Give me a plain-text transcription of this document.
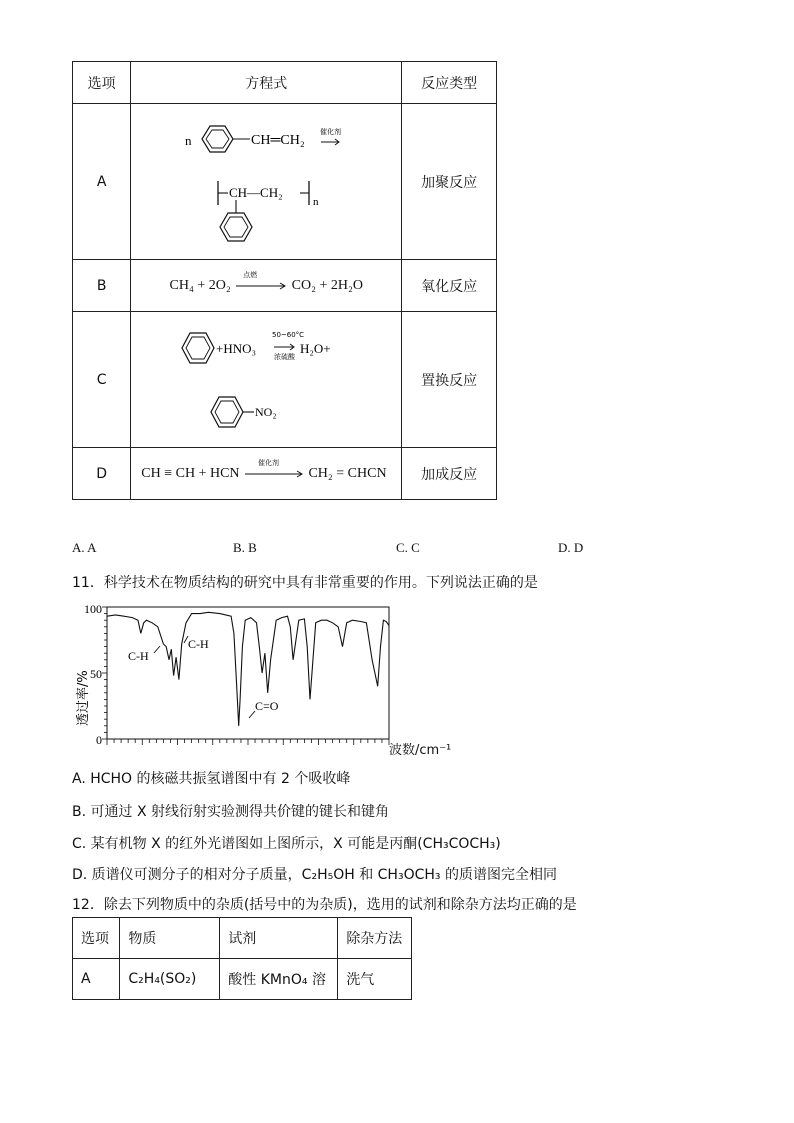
选项	方程式	反应类型
A	n CH═CH₂
催化剂
CH—CH₂
n	加聚反应
B	CH₄ + 2O₂
点燃
CO₂ + 2H₂O	氧化反应
C	+HNO₃
50~60°C
浓硫酸
H₂O+
NO₂	置换反应
D	CH ≡ CH + HCN
催化剂
CH₂ = CHCN	加成反应
A. A	B. B	C. C	D. D
11．科学技术在物质结构的研究中具有非常重要的作用。下列说法正确的是
透过率/%
100
50
0
C-H
C-H
C=O
波数/cm⁻¹
A. HCHO 的核磁共振氢谱图中有 2 个吸收峰
B. 可通过 X 射线衍射实验测得共价键的键长和键角
C. 某有机物 X 的红外光谱图如上图所示，X 可能是丙酮(CH₃COCH₃)
D. 质谱仪可测分子的相对分子质量，C₂H₅OH 和 CH₃OCH₃ 的质谱图完全相同
12．除去下列物质中的杂质(括号中的为杂质)，选用的试剂和除杂方法均正确的是
选项	物质	试剂	除杂方法
A	C₂H₄(SO₂)	酸性 KMnO₄ 溶	洗气
